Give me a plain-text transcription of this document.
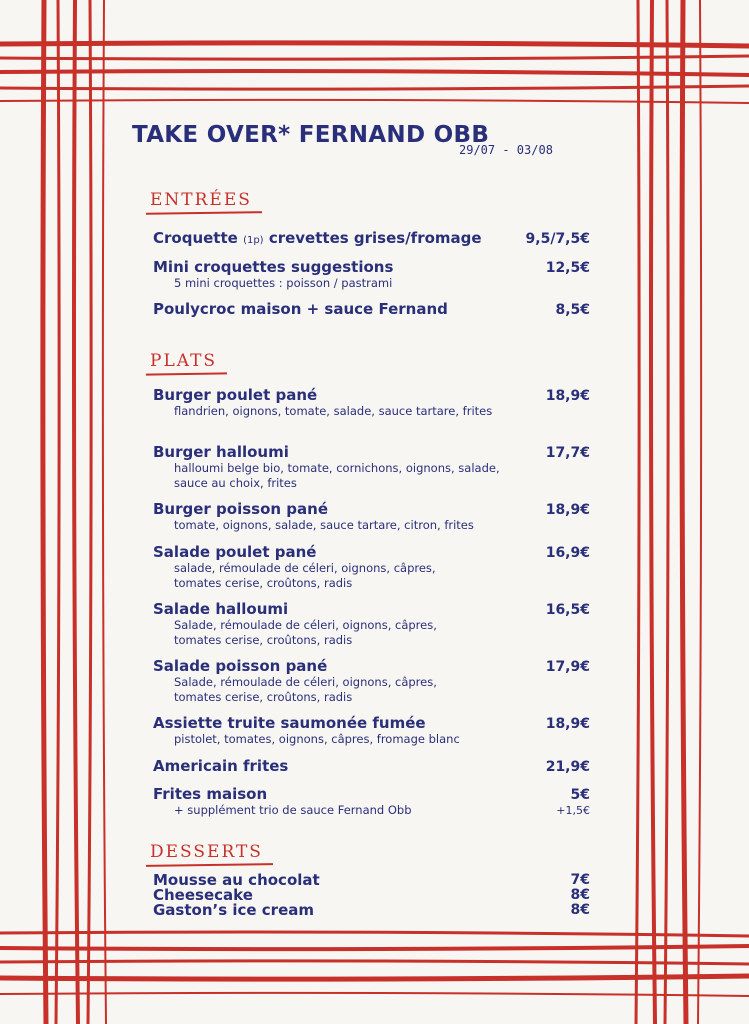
TAKE OVER* FERNAND OBB
29/07 - 03/08
ENTRÉES
Croquette (1p) crevettes grises/fromage	9,5/7,5€
Mini croquettes suggestions	12,5€
5 mini croquettes : poisson / pastrami
Poulycroc maison + sauce Fernand	8,5€
PLATS
Burger poulet pané	18,9€
flandrien, oignons, tomate, salade, sauce tartare, frites
Burger halloumi	17,7€
halloumi belge bio, tomate, cornichons, oignons, salade, sauce au choix, frites
Burger poisson pané	18,9€
tomate, oignons, salade, sauce tartare, citron, frites
Salade poulet pané	16,9€
salade, rémoulade de céleri, oignons, câpres, tomates cerise, croûtons, radis
Salade halloumi	16,5€
Salade, rémoulade de céleri, oignons, câpres, tomates cerise, croûtons, radis
Salade poisson pané	17,9€
Salade, rémoulade de céleri, oignons, câpres, tomates cerise, croûtons, radis
Assiette truite saumonée fumée	18,9€
pistolet, tomates, oignons, câpres, fromage blanc
Americain frites	21,9€
Frites maison	5€
+ supplément trio de sauce Fernand Obb	+1,5€
DESSERTS
Mousse au chocolat	7€
Cheesecake	8€
Gaston’s ice cream	8€
